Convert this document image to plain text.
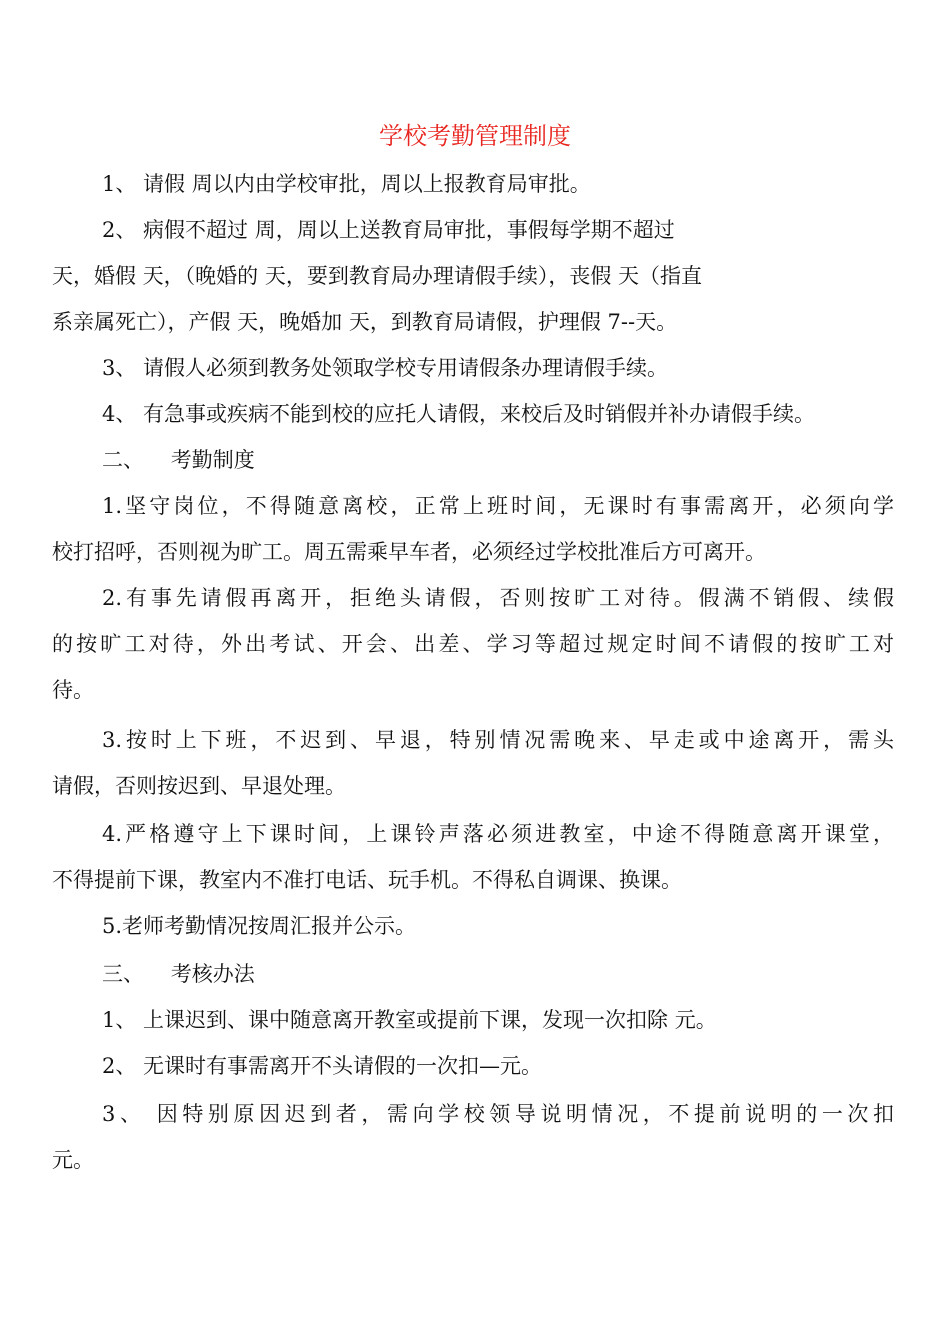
学校考勤管理制度
1、 请假 周以内由学校审批，周以上报教育局审批。
2、 病假不超过 周，周以上送教育局审批，事假每学期不超过
天，婚假 天，（晚婚的 天，要到教育局办理请假手续），丧假 天（指直
系亲属死亡），产假 天，晚婚加 天，到教育局请假，护理假 7--天。
3、 请假人必须到教务处领取学校专用请假条办理请假手续。
4、 有急事或疾病不能到校的应托人请假，来校后及时销假并补办请假手续。
二、    考勤制度
1.坚守岗位，不得随意离校，正常上班时间，无课时有事需离开，必须向学
校打招呼，否则视为旷工。周五需乘早车者，必须经过学校批准后方可离开。
2.有事先请假再离开，拒绝头请假，否则按旷工对待。假满不销假、续假
的按旷工对待，外出考试、开会、出差、学习等超过规定时间不请假的按旷工对
待。
3.按时上下班，不迟到、早退，特别情况需晚来、早走或中途离开，需头
请假，否则按迟到、早退处理。
4.严格遵守上下课时间，上课铃声落必须进教室，中途不得随意离开课堂，
不得提前下课，教室内不准打电话、玩手机。不得私自调课、换课。
5.老师考勤情况按周汇报并公示。
三、    考核办法
1、 上课迟到、课中随意离开教室或提前下课，发现一次扣除 元。
2、 无课时有事需离开不头请假的一次扣—元。
3、 因特别原因迟到者，需向学校领导说明情况，不提前说明的一次扣
元。
